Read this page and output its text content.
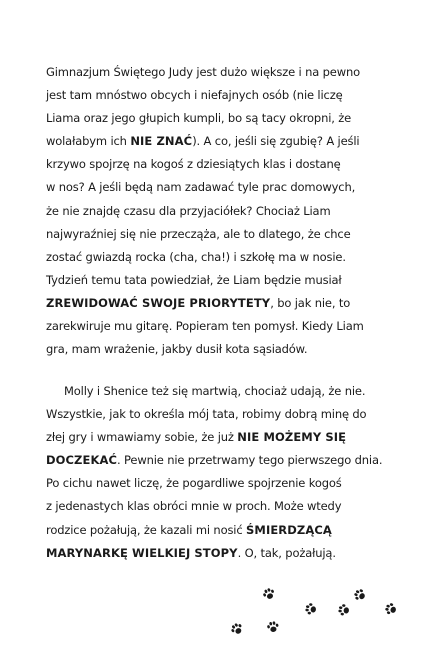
Gimnazjum Świętego Judy jest dużo większe i na pewno
jest tam mnóstwo obcych i niefajnych osób (nie liczę
Liama oraz jego głupich kumpli, bo są tacy okropni, że
wolałabym ich NIE ZNAĆ). A co, jeśli się zgubię? A jeśli
krzywo spojrzę na kogoś z dziesiątych klas i dostanę
w nos? A jeśli będą nam zadawać tyle prac domowych,
że nie znajdę czasu dla przyjaciółek? Chociaż Liam
najwyraźniej się nie przecząża, ale to dlatego, że chce
zostać gwiazdą rocka (cha, cha!) i szkołę ma w nosie.
Tydzień temu tata powiedział, że Liam będzie musiał
ZREWIDOWAĆ SWOJE PRIORYTETY, bo jak nie, to
zarekwiruje mu gitarę. Popieram ten pomysł. Kiedy Liam
gra, mam wrażenie, jakby dusił kota sąsiadów.
Molly i Shenice też się martwią, chociaż udają, że nie.
Wszystkie, jak to określa mój tata, robimy dobrą minę do
złej gry i wmawiamy sobie, że już NIE MOŻEMY SIĘ
DOCZEKAĆ. Pewnie nie przetrwamy tego pierwszego dnia.
Po cichu nawet liczę, że pogardliwe spojrzenie kogoś
z jedenastych klas obróci mnie w proch. Może wtedy
rodzice pożałują, że kazali mi nosić ŚMIERDZĄCĄ
MARYNARKĘ WIELKIEJ STOPY. O, tak, pożałują.
